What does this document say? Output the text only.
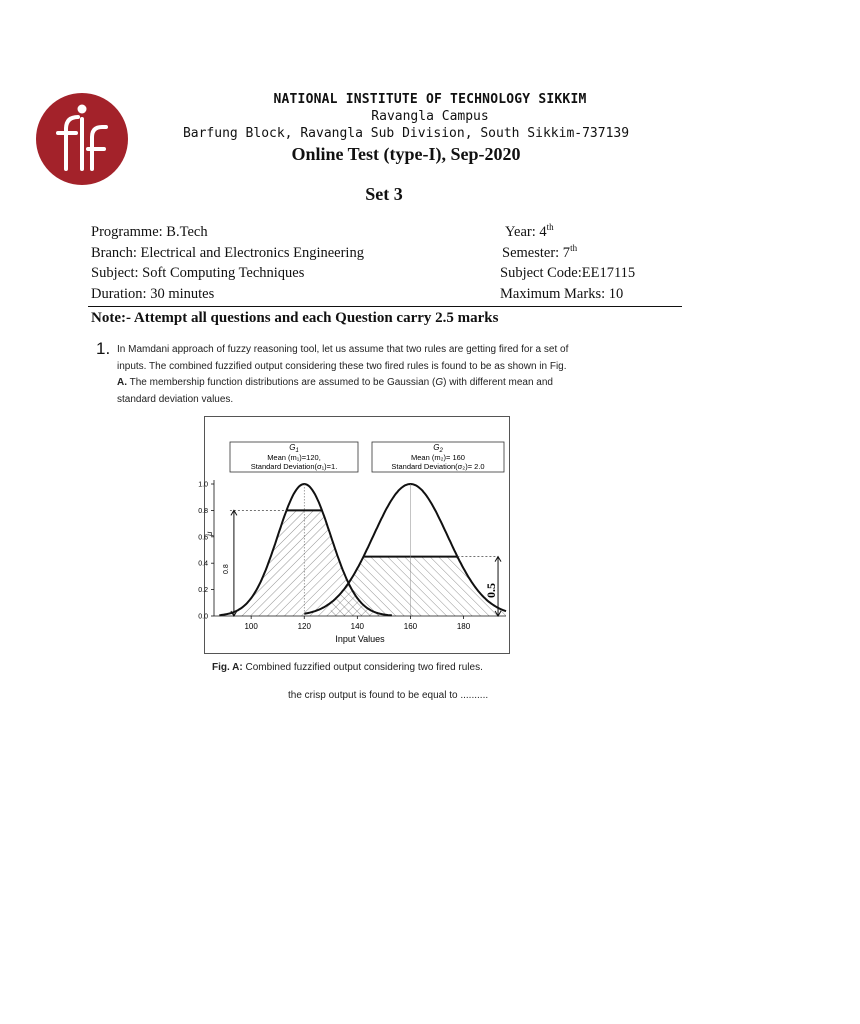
NATIONAL INSTITUTE OF TECHNOLOGY SIKKIM
Ravangla Campus
Barfung Block, Ravangla Sub Division, South Sikkim-737139
Online Test (type-I), Sep-2020
Set 3
Programme: B.Tech	Year: 4th
Branch: Electrical and Electronics Engineering	Semester: 7th
Subject: Soft Computing Techniques	Subject Code:EE17115
Duration: 30 minutes	Maximum Marks: 10
Note:- Attempt all questions and each Question carry 2.5 marks
1. In Mamdani approach of fuzzy reasoning tool, let us assume that two rules are getting fired for a set of inputs. The combined fuzzified output considering these two fired rules is found to be as shown in Fig. A. The membership function distributions are assumed to be Gaussian (G) with different mean and standard deviation values.
$G_1$
Mean (m₁)=120,
Standard Deviation(σ₁)=1.
$G_2$
Mean (m₂)= 160
Standard Deviation(σ₂)= 2.0
1.0
0.8
0.6
0.4
0.2
0.0
100	120	140	160	180
μ
Input Values
0.8
0.5
Fig. A: Combined fuzzified output considering two fired rules.
the crisp output is found to be equal to ..........
